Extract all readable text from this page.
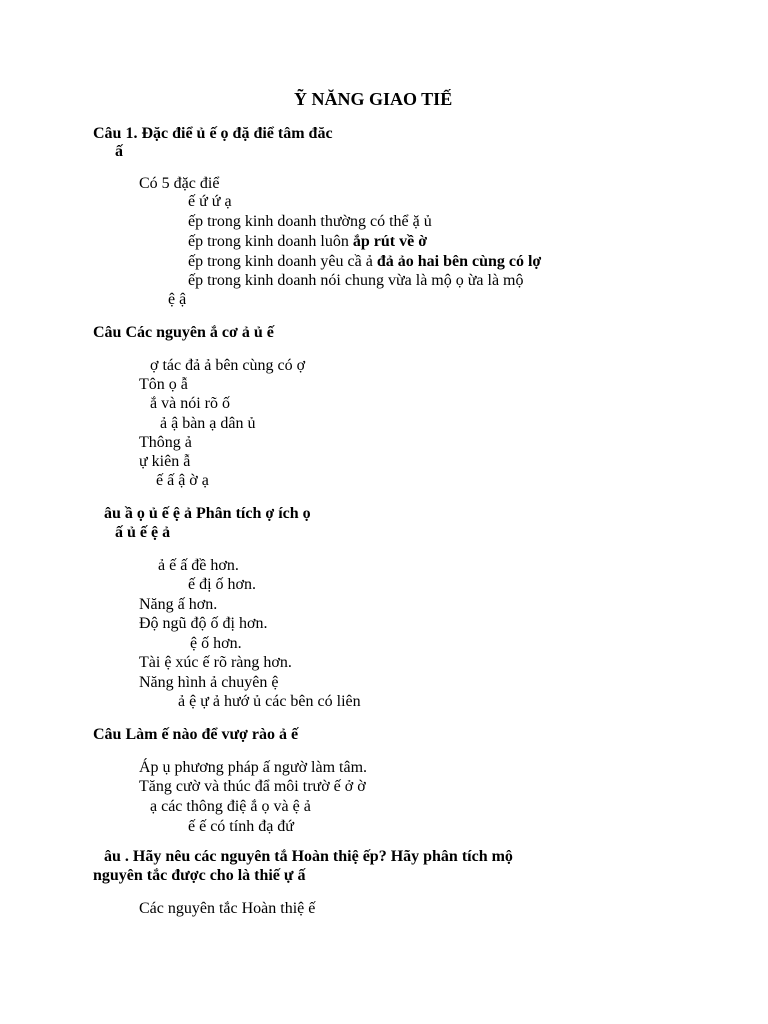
Ỹ NĂNG GIAO TIẾ
Câu 1. Đặc điể ủ ế ọ đặ điể tâm đăc
ấ
Có 5 đặc điể
ế ứ ứ ạ
ếp trong kinh doanh thường có thể ặ ủ
ếp trong kinh doanh luôn ắp rút về ờ
ếp trong kinh doanh yêu cầ ả đả ảo hai bên cùng có lợ
ếp trong kinh doanh nói chung vừa là mộ ọ ừa là mộ
ệ ậ
Câu Các nguyên ắ cơ ả ủ ế
ợ tác đả ả bên cùng có ợ
Tôn ọ ẫ
ắ và nói rõ ố
ả ậ bàn ạ dân ủ
Thông ả
ự kiên ẫ
ế ấ ậ ờ ạ
âu ầ ọ ủ ế ệ ả Phân tích ợ ích ọ
ấ ủ ế ệ ả
ả ế ấ đề hơn.
ế đị ố hơn.
Năng ấ hơn.
Độ ngũ độ ố đị hơn.
ệ ố hơn.
Tài ệ xúc ế rõ ràng hơn.
Năng hình ả chuyên ệ
ả ệ ự ả hướ ủ các bên có liên
Câu Làm ế nào để vượ rào ả ế
Áp ụ phương pháp ấ ngườ làm tâm.
Tăng cườ và thúc đẩ môi trườ ế ở ờ
ạ các thông điệ ắ ọ và ệ ả
ế ế có tính đạ đứ
âu . Hãy nêu các nguyên tắ Hoàn thiệ ếp? Hãy phân tích mộ
nguyên tắc được cho là thiế ự ấ
Các nguyên tắc Hoàn thiệ ế
